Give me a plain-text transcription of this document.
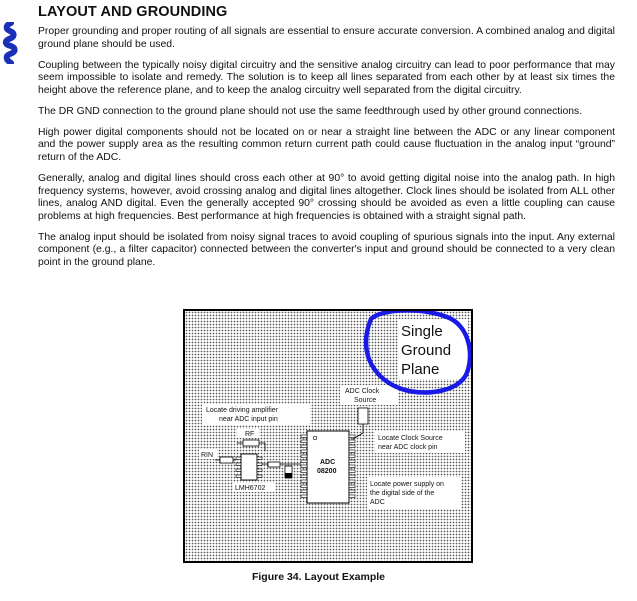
LAYOUT AND GROUNDING

Proper grounding and proper routing of all signals are essential to ensure accurate conversion. A combined analog and digital ground plane should be used.

Coupling between the typically noisy digital circuitry and the sensitive analog circuitry can lead to poor performance that may seem impossible to isolate and remedy. The solution is to keep all lines separated from each other by at least six times the height above the reference plane, and to keep the analog circuitry well separated from the digital circuitry.

The DR GND connection to the ground plane should not use the same feedthrough used by other ground connections.

High power digital components should not be located on or near a straight line between the ADC or any linear component and the power supply area as the resulting common return current path could cause fluctuation in the analog input “ground” return of the ADC.

Generally, analog and digital lines should cross each other at 90° to avoid getting digital noise into the analog path. In high frequency systems, however, avoid crossing analog and digital lines altogether. Clock lines should be isolated from ALL other lines, analog AND digital. Even the generally accepted 90° crossing should be avoided as even a little coupling can cause problems at high frequencies. Best performance at high frequencies is obtained with a straight signal path.

The analog input should be isolated from noisy signal traces to avoid coupling of spurious signals into the input. Any external component (e.g., a filter capacitor) connected between the converter's input and ground should be connected to a very clean point in the ground plane.

Single
Ground
Plane
ADC Clock
Source
Locate driving amplifier
near ADC input pin
Locate Clock Source
near ADC clock pin
Locate power supply on
the digital side of the
ADC
RF
RIN
LMH6702
ADC
08200
Figure 34. Layout Example
